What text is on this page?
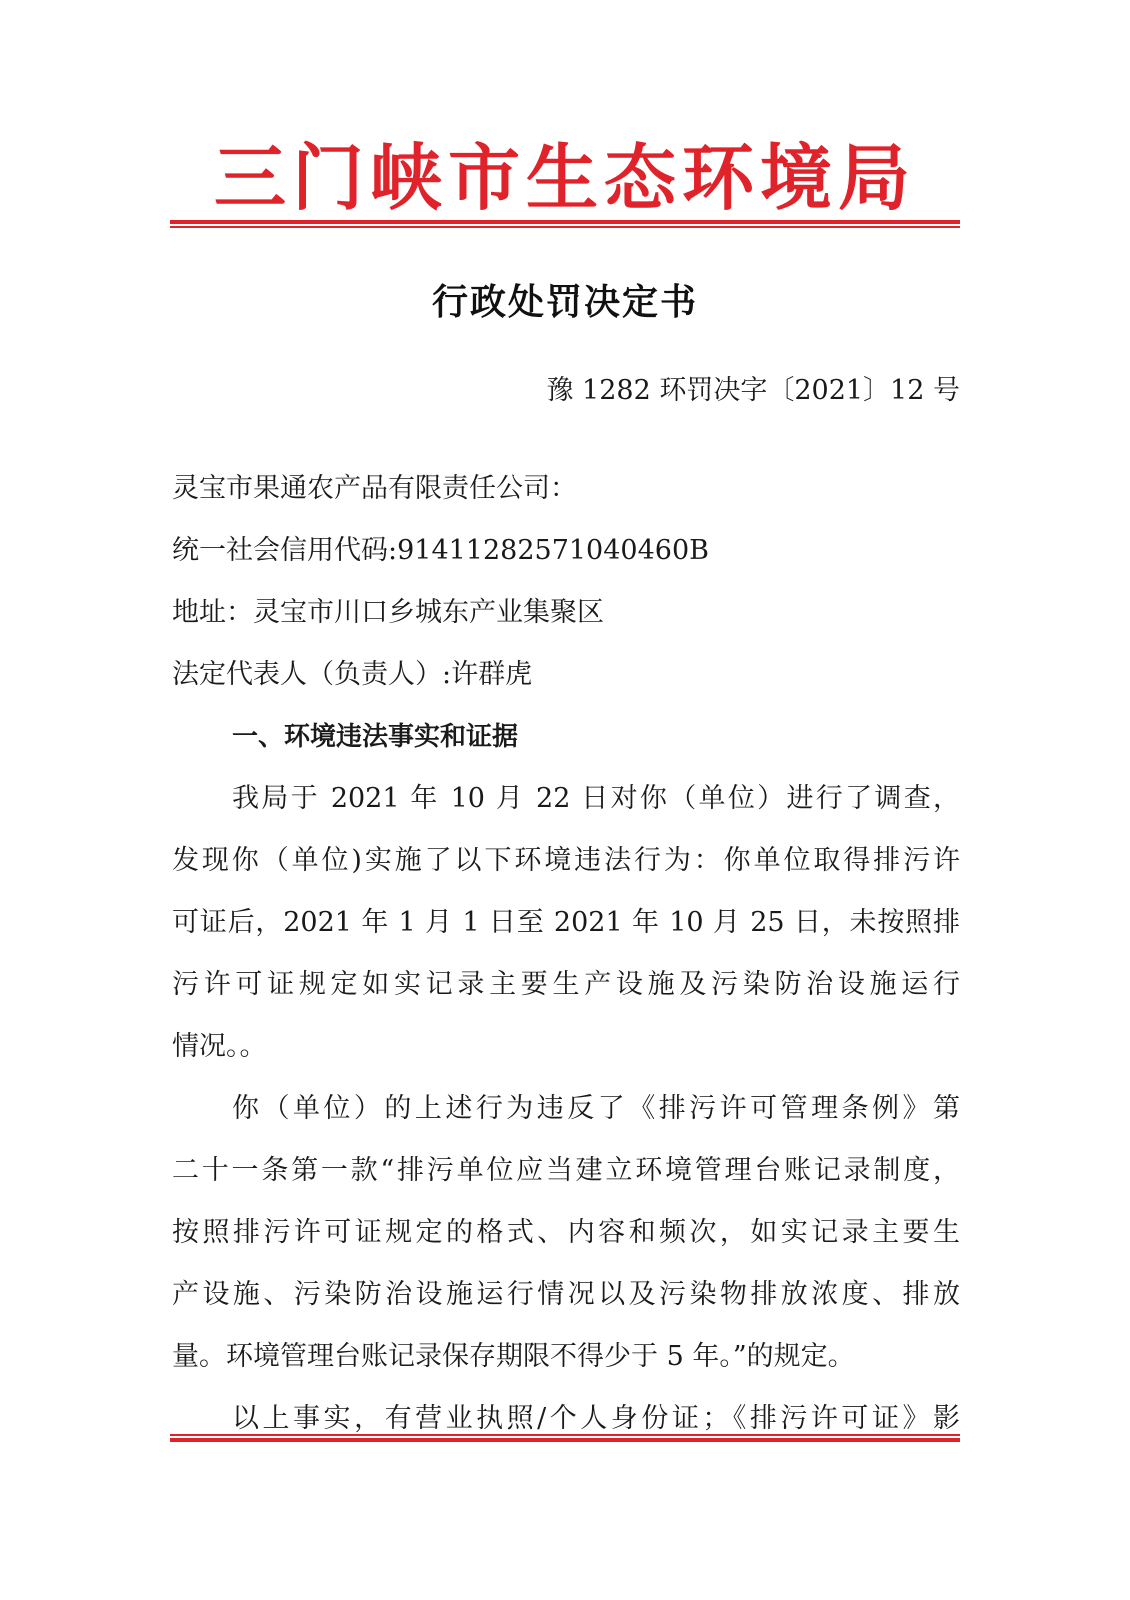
三门峡市生态环境局
行政处罚决定书
豫 1282 环罚决字〔2021〕12 号
灵宝市果通农产品有限责任公司：
统一社会信用代码:91411282571040460B
地址：灵宝市川口乡城东产业集聚区
法定代表人（负责人）:许群虎
一、环境违法事实和证据
我局于 2021 年 10 月 22 日对你（单位）进行了调查，
发现你（单位)实施了以下环境违法行为：你单位取得排污许
可证后，2021 年 1 月 1 日至 2021 年 10 月 25 日，未按照排
污许可证规定如实记录主要生产设施及污染防治设施运行
情况。。
你（单位）的上述行为违反了《排污许可管理条例》第
二十一条第一款“排污单位应当建立环境管理台账记录制度，
按照排污许可证规定的格式、内容和频次，如实记录主要生
产设施、污染防治设施运行情况以及污染物排放浓度、排放
量。环境管理台账记录保存期限不得少于 5 年。”的规定。
以上事实，有营业执照/个人身份证；《排污许可证》影
